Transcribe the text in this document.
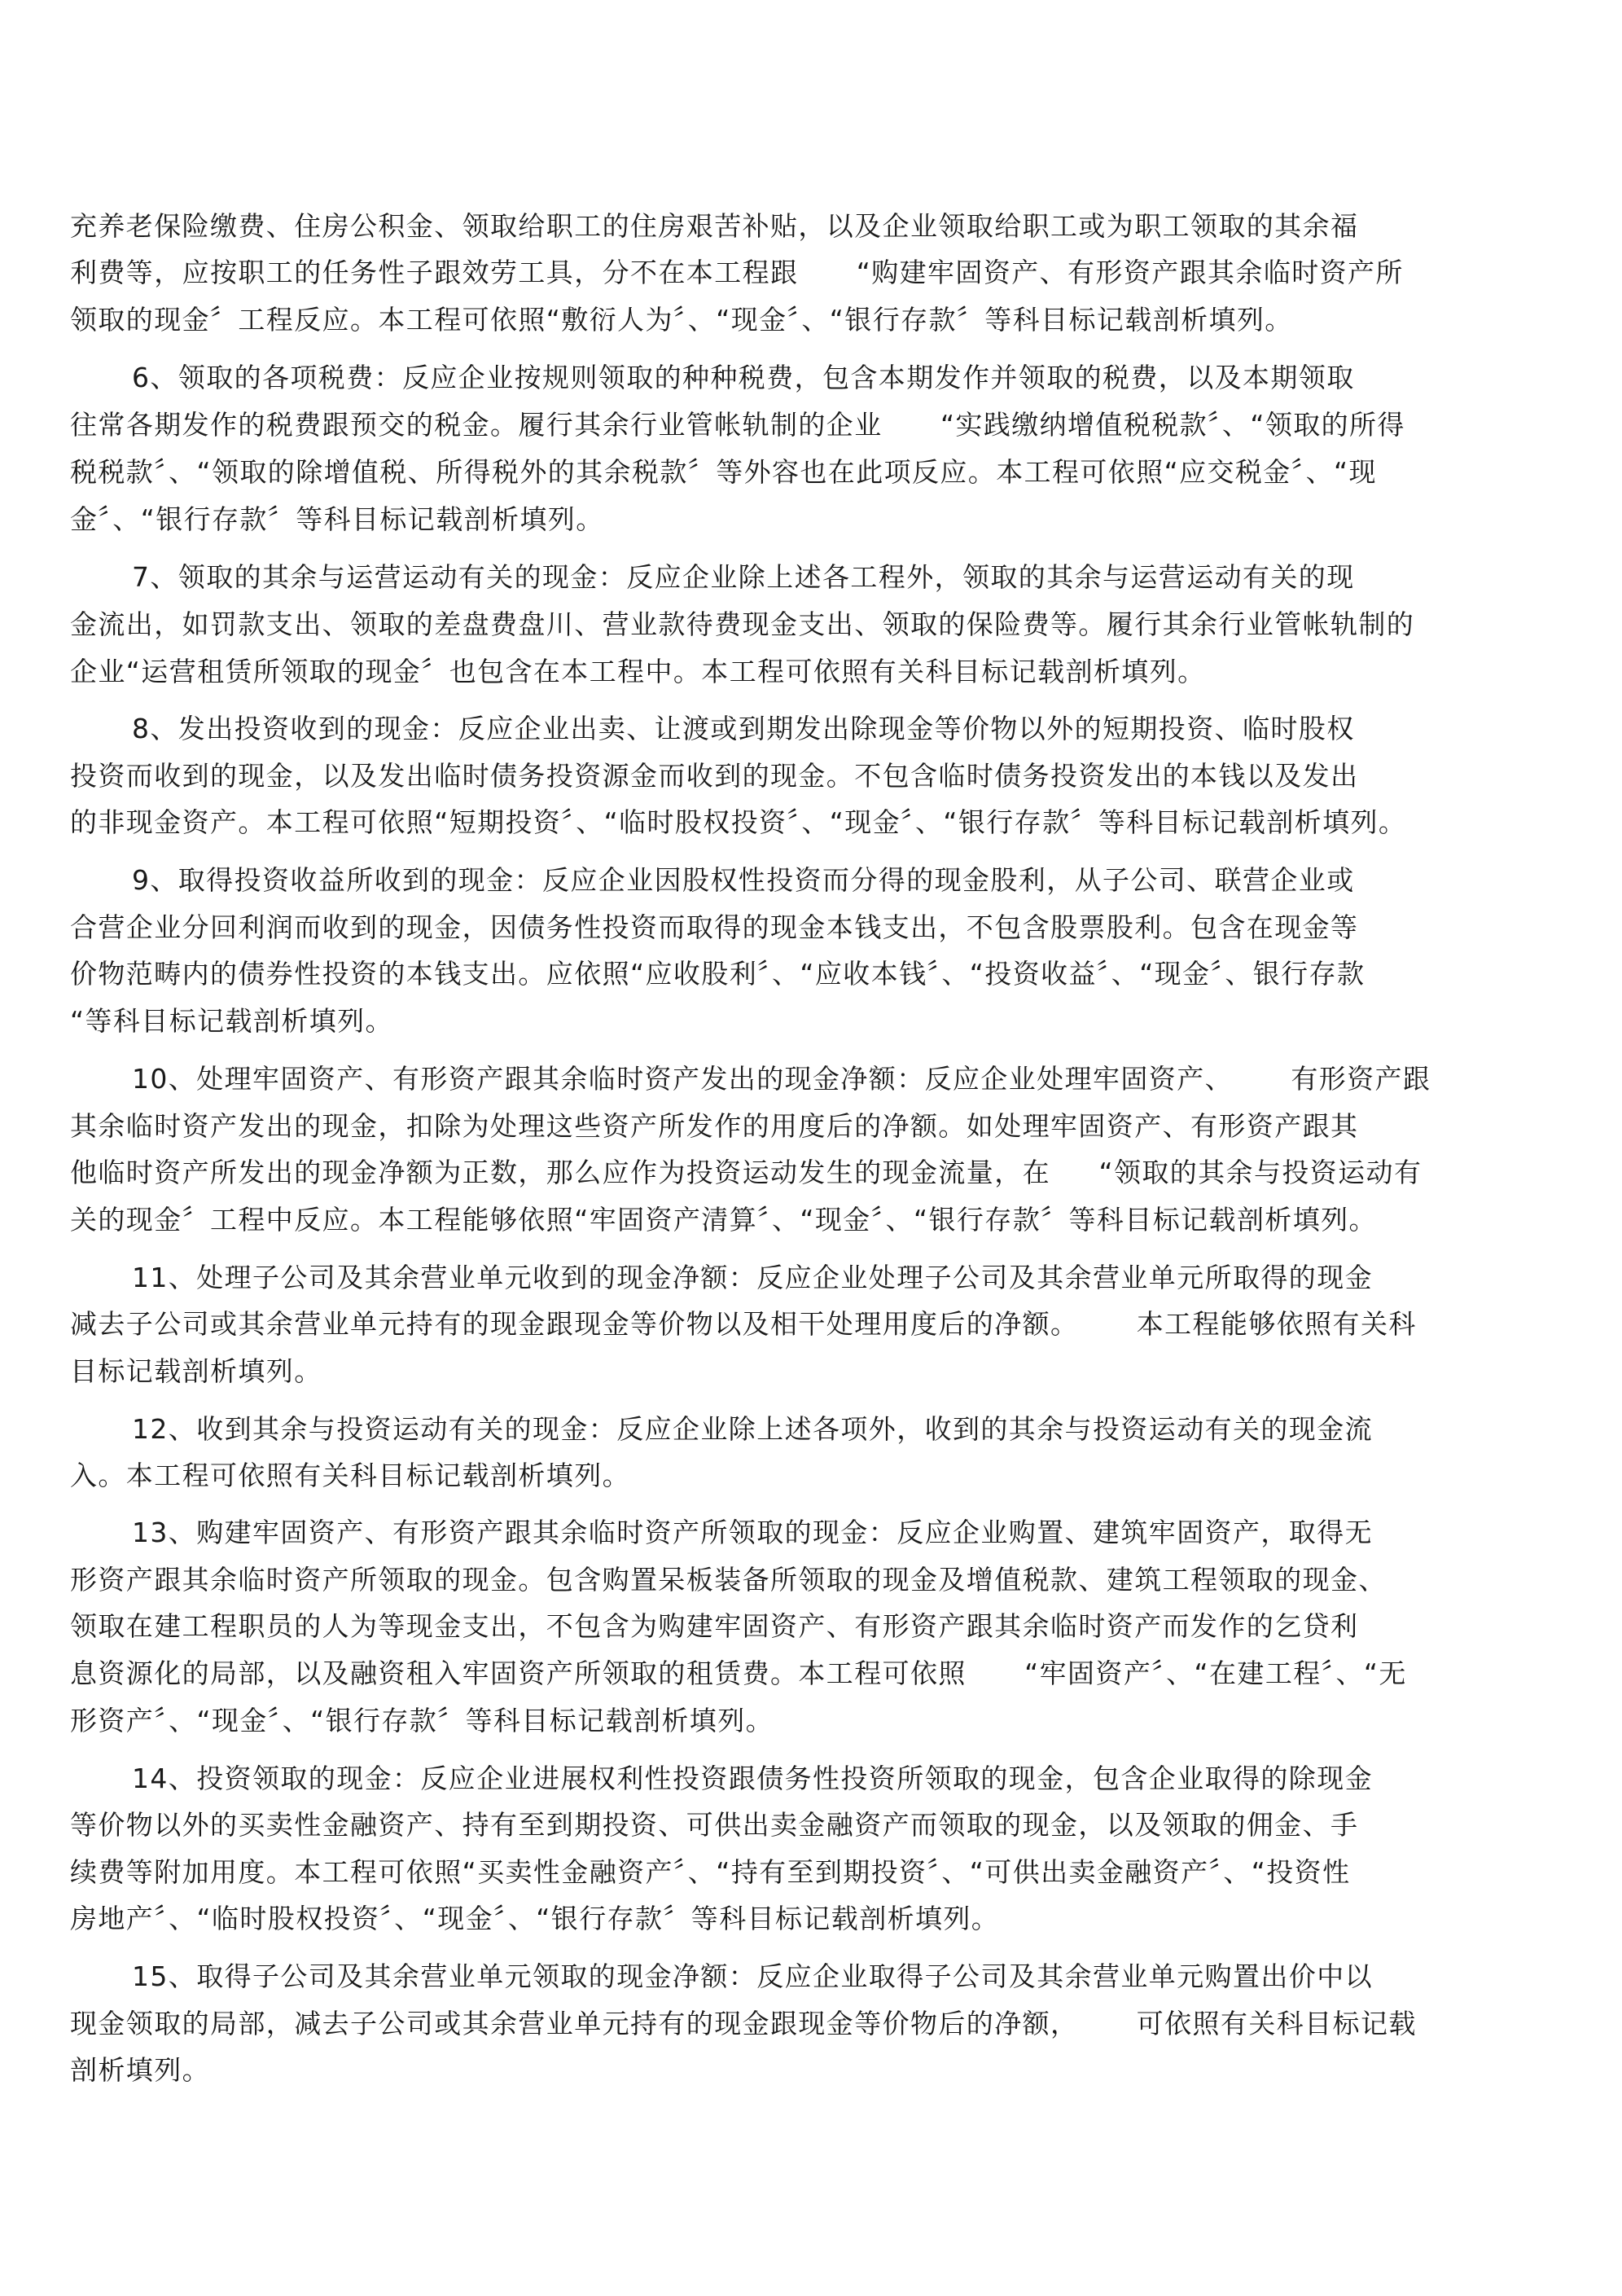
充养老保险缴费、住房公积金、领取给职工的住房艰苦补贴，以及企业领取给职工或为职工领取的其余福
利费等，应按职工的任务性子跟效劳工具，分不在本工程跟      “购建牢固资产、有形资产跟其余临时资产所
领取的现金〞工程反应。本工程可依照“敷衍人为〞、“现金〞、“银行存款〞等科目标记载剖析填列。
6、领取的各项税费：反应企业按规则领取的种种税费，包含本期发作并领取的税费，以及本期领取
往常各期发作的税费跟预交的税金。履行其余行业管帐轨制的企业      “实践缴纳增值税税款〞、“领取的所得
税税款〞、“领取的除增值税、所得税外的其余税款〞等外容也在此项反应。本工程可依照“应交税金〞、“现
金〞、“银行存款〞等科目标记载剖析填列。
7、领取的其余与运营运动有关的现金：反应企业除上述各工程外，领取的其余与运营运动有关的现
金流出，如罚款支出、领取的差盘费盘川、营业款待费现金支出、领取的保险费等。履行其余行业管帐轨制的
企业“运营租赁所领取的现金〞也包含在本工程中。本工程可依照有关科目标记载剖析填列。
8、发出投资收到的现金：反应企业出卖、让渡或到期发出除现金等价物以外的短期投资、临时股权
投资而收到的现金，以及发出临时债务投资源金而收到的现金。不包含临时债务投资发出的本钱以及发出
的非现金资产。本工程可依照“短期投资〞、“临时股权投资〞、“现金〞、“银行存款〞等科目标记载剖析填列。
9、取得投资收益所收到的现金：反应企业因股权性投资而分得的现金股利，从子公司、联营企业或
合营企业分回利润而收到的现金，因债务性投资而取得的现金本钱支出，不包含股票股利。包含在现金等
价物范畴内的债券性投资的本钱支出。应依照“应收股利〞、“应收本钱〞、“投资收益〞、“现金〞、银行存款
“等科目标记载剖析填列。
10、处理牢固资产、有形资产跟其余临时资产发出的现金净额：反应企业处理牢固资产、      有形资产跟
其余临时资产发出的现金，扣除为处理这些资产所发作的用度后的净额。如处理牢固资产、有形资产跟其
他临时资产所发出的现金净额为正数，那么应作为投资运动发生的现金流量，在     “领取的其余与投资运动有
关的现金〞工程中反应。本工程能够依照“牢固资产清算〞、“现金〞、“银行存款〞等科目标记载剖析填列。
11、处理子公司及其余营业单元收到的现金净额：反应企业处理子公司及其余营业单元所取得的现金
减去子公司或其余营业单元持有的现金跟现金等价物以及相干处理用度后的净额。      本工程能够依照有关科
目标记载剖析填列。
12、收到其余与投资运动有关的现金：反应企业除上述各项外，收到的其余与投资运动有关的现金流
入。本工程可依照有关科目标记载剖析填列。
13、购建牢固资产、有形资产跟其余临时资产所领取的现金：反应企业购置、建筑牢固资产，取得无
形资产跟其余临时资产所领取的现金。包含购置呆板装备所领取的现金及增值税款、建筑工程领取的现金、
领取在建工程职员的人为等现金支出，不包含为购建牢固资产、有形资产跟其余临时资产而发作的乞贷利
息资源化的局部，以及融资租入牢固资产所领取的租赁费。本工程可依照      “牢固资产〞、“在建工程〞、“无
形资产〞、“现金〞、“银行存款〞等科目标记载剖析填列。
14、投资领取的现金：反应企业进展权利性投资跟债务性投资所领取的现金，包含企业取得的除现金
等价物以外的买卖性金融资产、持有至到期投资、可供出卖金融资产而领取的现金，以及领取的佣金、手
续费等附加用度。本工程可依照“买卖性金融资产〞、“持有至到期投资〞、“可供出卖金融资产〞、“投资性
房地产〞、“临时股权投资〞、“现金〞、“银行存款〞等科目标记载剖析填列。
15、取得子公司及其余营业单元领取的现金净额：反应企业取得子公司及其余营业单元购置出价中以
现金领取的局部，减去子公司或其余营业单元持有的现金跟现金等价物后的净额，      可依照有关科目标记载
剖析填列。
